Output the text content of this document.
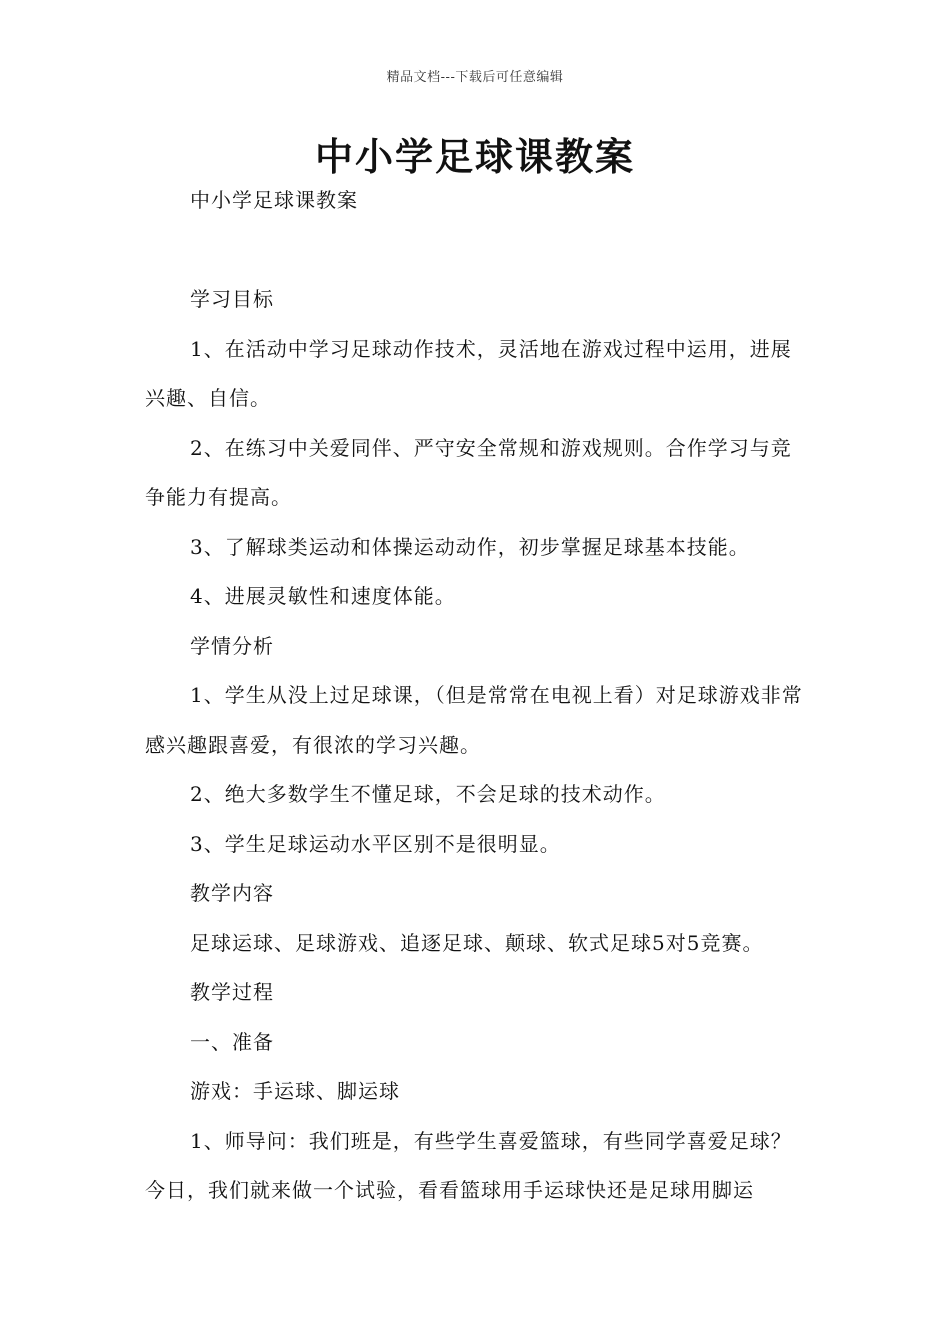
精品文档---下载后可任意编辑
中小学足球课教案

中小学足球课教案

学习目标

1、在活动中学习足球动作技术，灵活地在游戏过程中运用，进展兴趣、自信。

2、在练习中关爱同伴、严守安全常规和游戏规则。合作学习与竞争能力有提高。

3、了解球类运动和体操运动动作，初步掌握足球基本技能。

4、进展灵敏性和速度体能。

学情分析

1、学生从没上过足球课，（但是常常在电视上看）对足球游戏非常感兴趣跟喜爱，有很浓的学习兴趣。

2、绝大多数学生不懂足球，不会足球的技术动作。

3、学生足球运动水平区别不是很明显。

教学内容

足球运球、足球游戏、追逐足球、颠球、软式足球5对5竞赛。

教学过程

一、准备

游戏：手运球、脚运球

1、师导问：我们班是，有些学生喜爱篮球，有些同学喜爱足球？今日，我们就来做一个试验，看看篮球用手运球快还是足球用脚运
